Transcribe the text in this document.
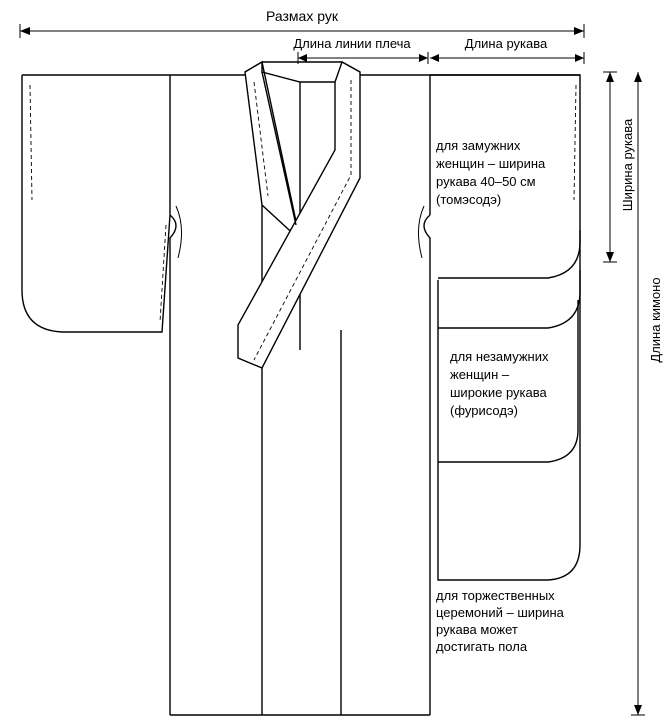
Размах рук
Длина линии плеча	Длина рукава
Ширина рукава
Длина кимоно
для замужних
женщин – ширина
рукава 40–50 см
(томэсодэ)
для незамужних
женщин –
широкие рукава
(фурисодэ)
для торжественных
церемоний – ширина
рукава может
достигать пола
